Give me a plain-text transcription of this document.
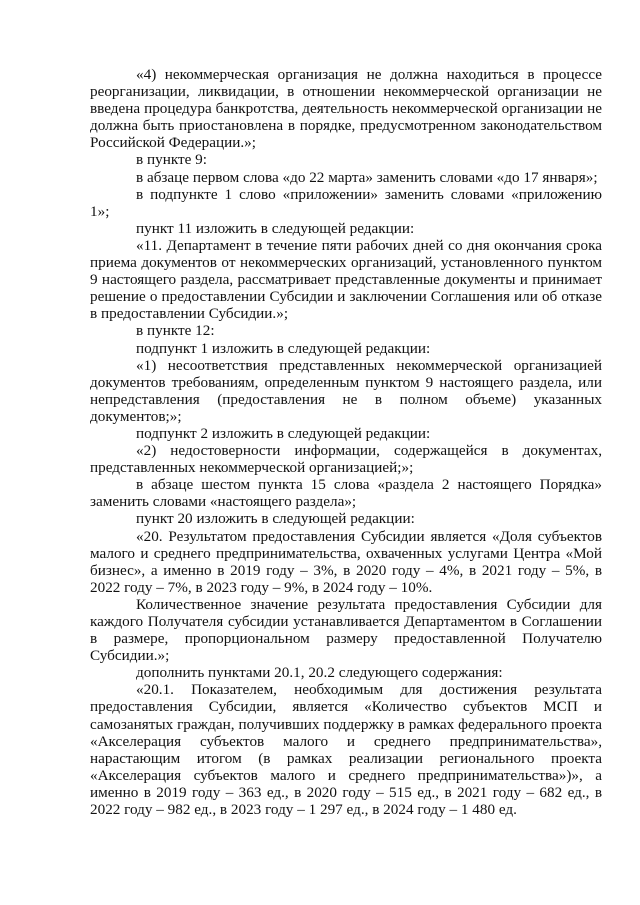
«4) некоммерческая организация не должна находиться в процессе реорганизации, ликвидации, в отношении некоммерческой организации не введена процедура банкротства, деятельность некоммерческой организации не должна быть приостановлена в порядке, предусмотренном законодательством Российской Федерации.»;

в пункте 9:

в абзаце первом слова «до 22 марта» заменить словами «до 17 января»;

в подпункте 1 слово «приложении» заменить словами «приложению 1»;

пункт 11 изложить в следующей редакции:

«11. Департамент в течение пяти рабочих дней со дня окончания срока приема документов от некоммерческих организаций, установленного пунктом 9 настоящего раздела, рассматривает представленные документы и принимает решение о предоставлении Субсидии и заключении Соглашения или об отказе в предоставлении Субсидии.»;

в пункте 12:

подпункт 1 изложить в следующей редакции:

«1) несоответствия представленных некоммерческой организацией документов требованиям, определенным пунктом 9 настоящего раздела, или непредставления (предоставления не в полном объеме) указанных документов;»;

подпункт 2 изложить в следующей редакции:

«2) недостоверности информации, содержащейся в документах, представленных некоммерческой организацией;»;

в абзаце шестом пункта 15 слова «раздела 2 настоящего Порядка» заменить словами «настоящего раздела»;

пункт 20 изложить в следующей редакции:

«20. Результатом предоставления Субсидии является «Доля субъектов малого и среднего предпринимательства, охваченных услугами Центра «Мой бизнес», а именно в 2019 году – 3%, в 2020 году – 4%, в 2021 году – 5%, в 2022 году – 7%, в 2023 году – 9%, в 2024 году – 10%.

Количественное значение результата предоставления Субсидии для каждого Получателя субсидии устанавливается Департаментом в Соглашении в размере, пропорциональном размеру предоставленной Получателю Субсидии.»;

дополнить пунктами 20.1, 20.2 следующего содержания:

«20.1. Показателем, необходимым для достижения результата предоставления Субсидии, является «Количество субъектов МСП и самозанятых граждан, получивших поддержку в рамках федерального проекта «Акселерация субъектов малого и среднего предпринимательства», нарастающим итогом (в рамках реализации регионального проекта «Акселерация субъектов малого и среднего предпринимательства»)», а именно в 2019 году – 363 ед., в 2020 году – 515 ед., в 2021 году – 682 ед., в 2022 году – 982 ед., в 2023 году – 1 297 ед., в 2024 году – 1 480 ед.
